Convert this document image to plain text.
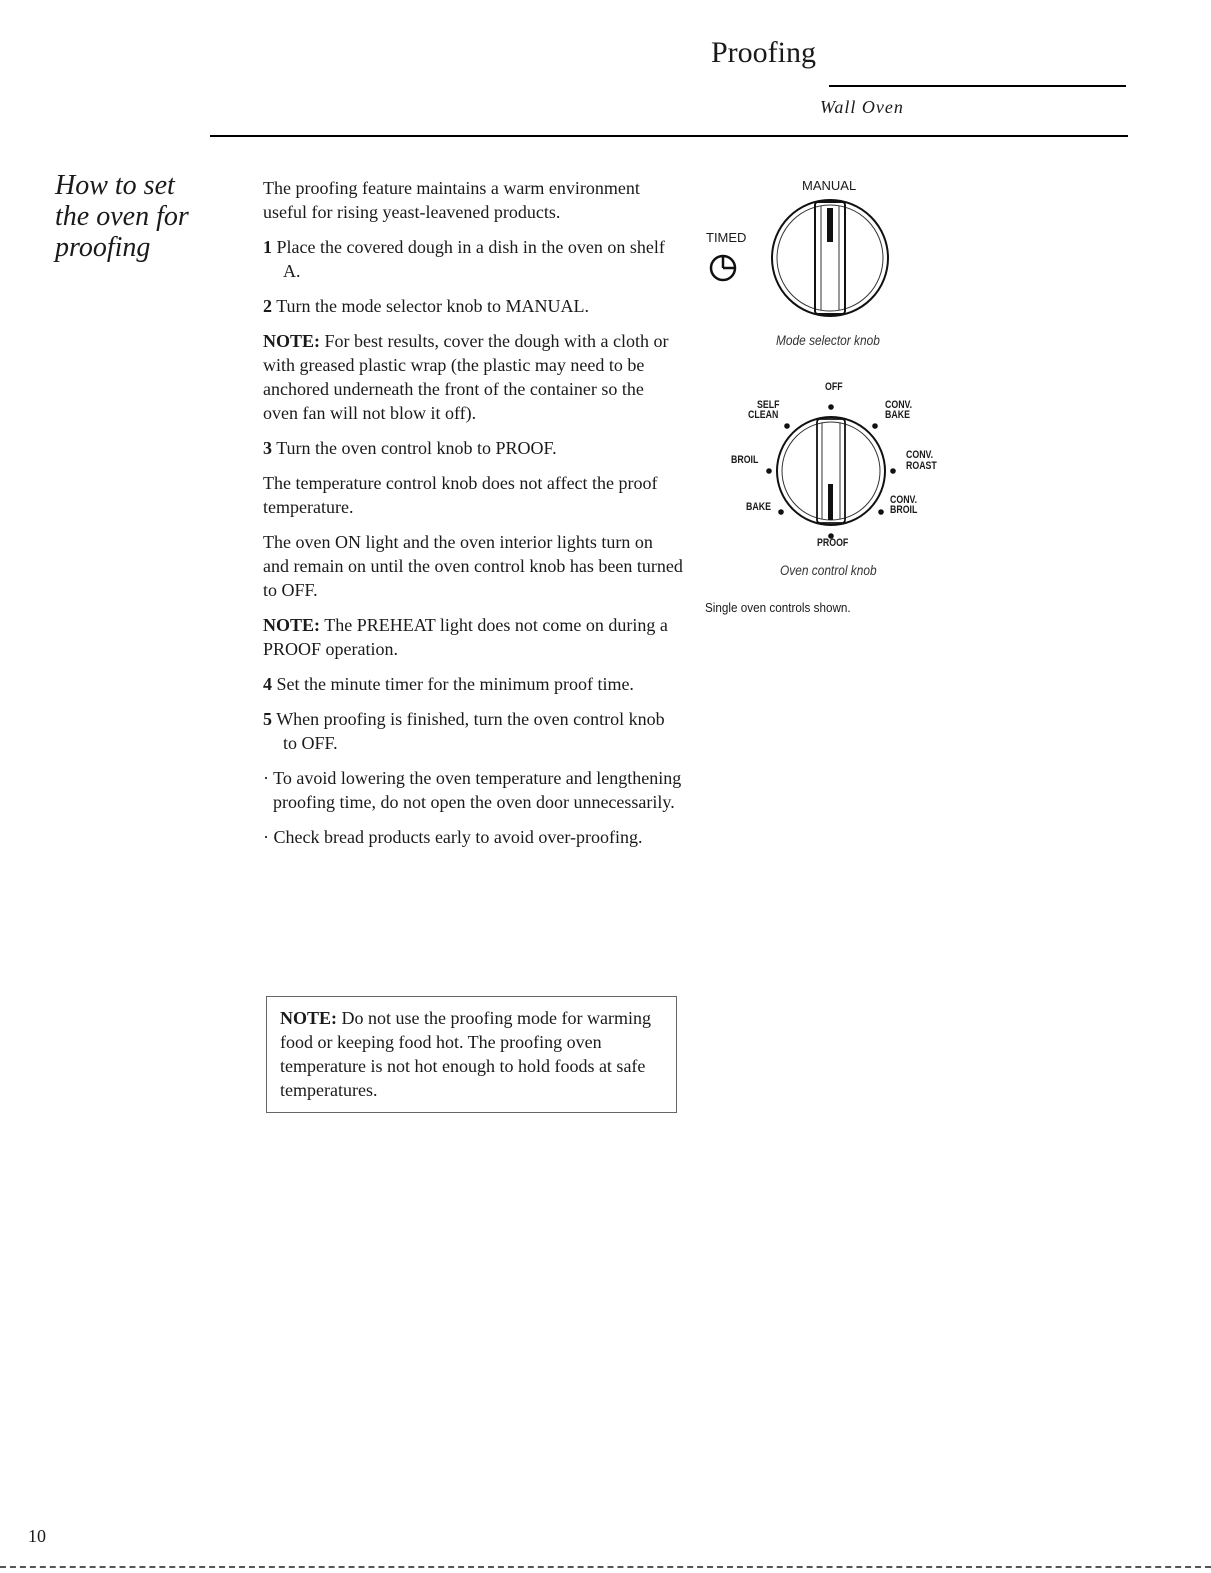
Proofing
Wall Oven
How to set
the oven for
proofing

The proofing feature maintains a warm environment useful for rising yeast-leavened products.

1 Place the covered dough in a dish in the oven on shelf A.

2 Turn the mode selector knob to MANUAL.

NOTE: For best results, cover the dough with a cloth or with greased plastic wrap (the plastic may need to be anchored underneath the front of the container so the oven fan will not blow it off).

3 Turn the oven control knob to PROOF.

The temperature control knob does not affect the proof temperature.

The oven ON light and the oven interior lights turn on and remain on until the oven control knob has been turned to OFF.

NOTE: The PREHEAT light does not come on during a PROOF operation.

4 Set the minute timer for the minimum proof time.

5 When proofing is finished, turn the oven control knob to OFF.

· To avoid lowering the oven temperature and lengthening proofing time, do not open the oven door unnecessarily.

· Check bread products early to avoid over-proofing.

NOTE: Do not use the proofing mode for warming food or keeping food hot. The proofing oven temperature is not hot enough to hold foods at safe temperatures.
MANUAL
TIMED
Mode selector knob
OFF
SELF
CLEAN
CONV.
BAKE
BROIL	CONV.
ROAST
BAKE
CONV.
BROIL
PROOF
Oven control knob
Single oven controls shown.
10
